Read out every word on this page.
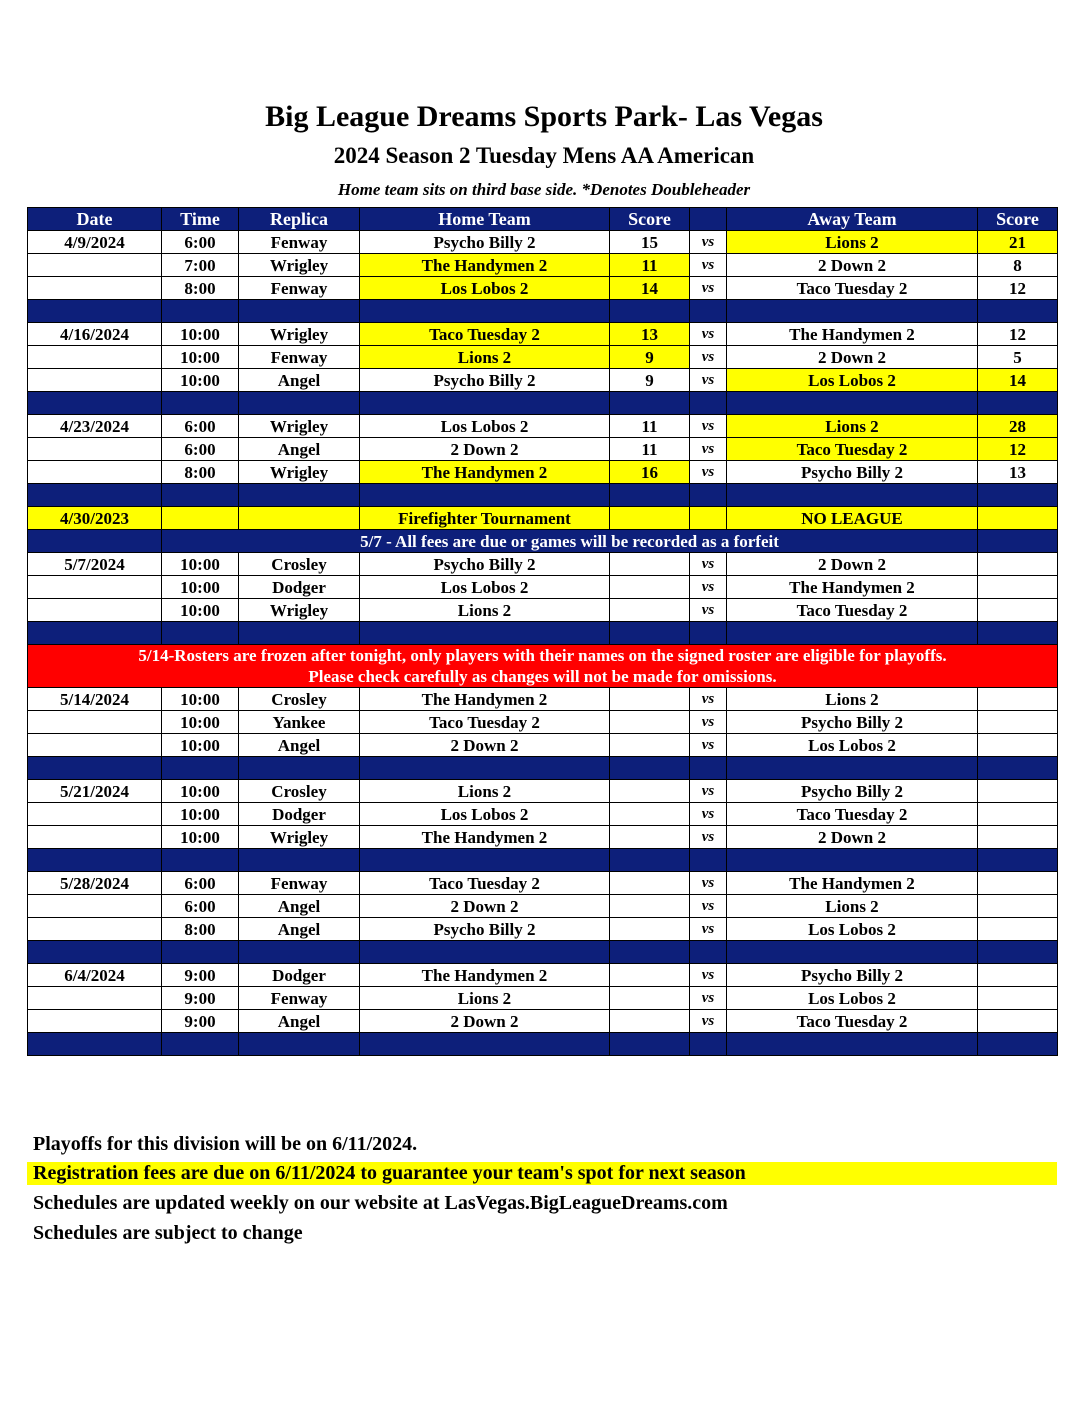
Big League Dreams Sports Park- Las Vegas
2024 Season 2 Tuesday Mens AA American
Home team sits on third base side. *Denotes Doubleheader
Date	Time	Replica	Home Team	Score		Away Team	Score
4/9/2024	6:00	Fenway	Psycho Billy 2	15	vs	Lions 2	21
	7:00	Wrigley	The Handymen 2	11	vs	2 Down 2	8
	8:00	Fenway	Los Lobos 2	14	vs	Taco Tuesday 2	12

4/16/2024	10:00	Wrigley	Taco Tuesday 2	13	vs	The Handymen 2	12
	10:00	Fenway	Lions 2	9	vs	2 Down 2	5
	10:00	Angel	Psycho Billy 2	9	vs	Los Lobos 2	14

4/23/2024	6:00	Wrigley	Los Lobos 2	11	vs	Lions 2	28
	6:00	Angel	2 Down 2	11	vs	Taco Tuesday 2	12
	8:00	Wrigley	The Handymen 2	16	vs	Psycho Billy 2	13

4/30/2023			Firefighter Tournament			NO LEAGUE	
	5/7 - All fees are due or games will be recorded as a forfeit						
5/7/2024	10:00	Crosley	Psycho Billy 2		vs	2 Down 2	
	10:00	Dodger	Los Lobos 2		vs	The Handymen 2	
	10:00	Wrigley	Lions 2		vs	Taco Tuesday 2	

5/14-Rosters are frozen after tonight, only players with their names on the signed roster are eligible for playoffs.
Please check carefully as changes will not be made for omissions.							

5/14/2024	10:00	Crosley	The Handymen 2		vs	Lions 2	
	10:00	Yankee	Taco Tuesday 2		vs	Psycho Billy 2	
	10:00	Angel	2 Down 2		vs	Los Lobos 2	

5/21/2024	10:00	Crosley	Lions 2		vs	Psycho Billy 2	
	10:00	Dodger	Los Lobos 2		vs	Taco Tuesday 2	
	10:00	Wrigley	The Handymen 2		vs	2 Down 2	

5/28/2024	6:00	Fenway	Taco Tuesday 2		vs	The Handymen 2	
	6:00	Angel	2 Down 2		vs	Lions 2	
	8:00	Angel	Psycho Billy 2		vs	Los Lobos 2	

6/4/2024	9:00	Dodger	The Handymen 2		vs	Psycho Billy 2	
	9:00	Fenway	Lions 2		vs	Los Lobos 2	
	9:00	Angel	2 Down 2		vs	Taco Tuesday 2	

Playoffs for this division will be on 6/11/2024.
Registration fees are due on 6/11/2024 to guarantee your team's spot for next season
Schedules are updated weekly on our website at LasVegas.BigLeagueDreams.com
Schedules are subject to change
